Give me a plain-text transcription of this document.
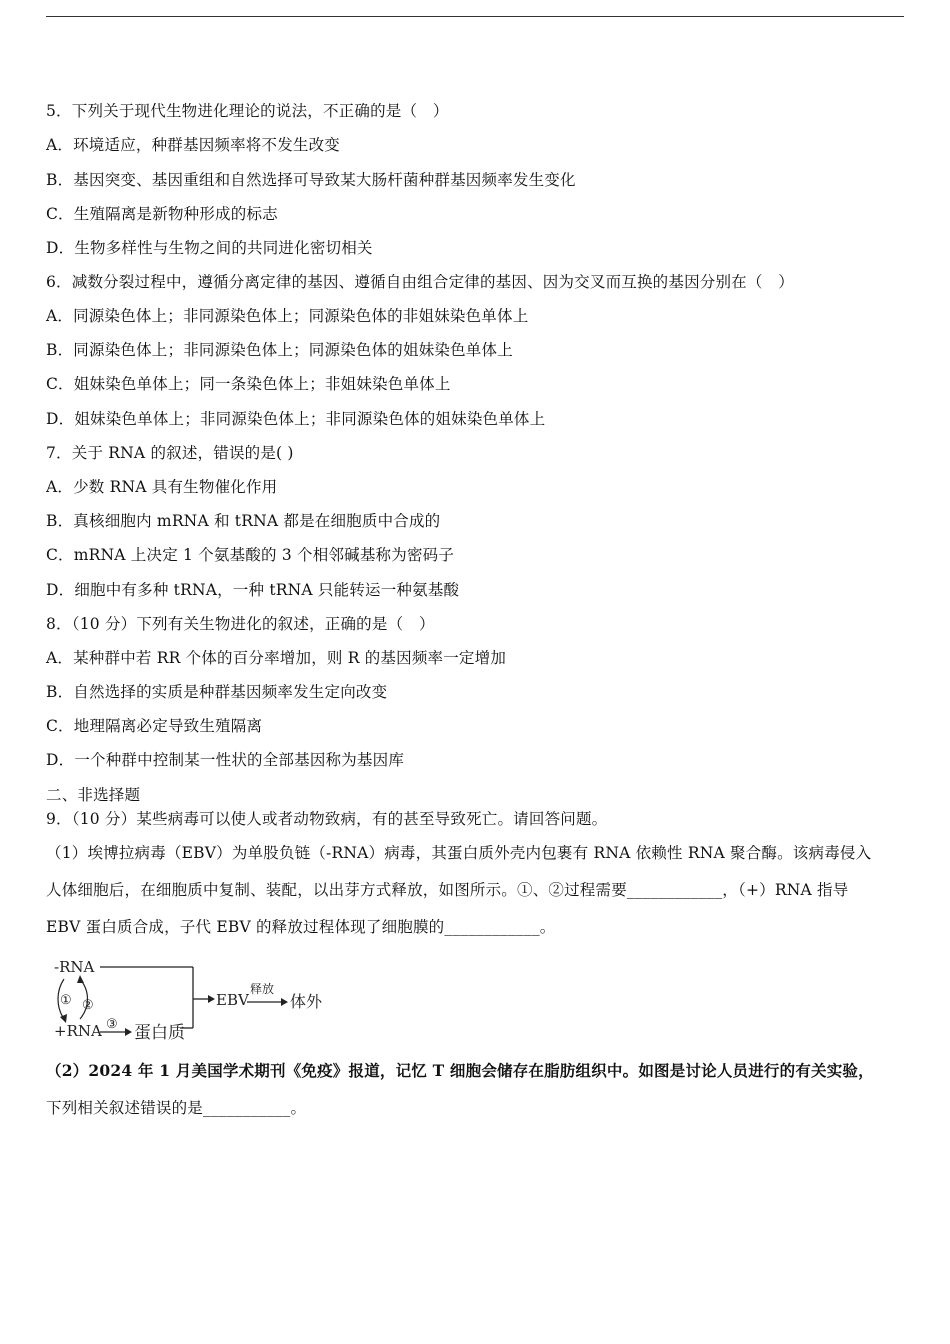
5．下列关于现代生物进化理论的说法，不正确的是（　）
A．环境适应，种群基因频率将不发生改变
B．基因突变、基因重组和自然选择可导致某大肠杆菌种群基因频率发生变化
C．生殖隔离是新物种形成的标志
D．生物多样性与生物之间的共同进化密切相关
6．减数分裂过程中，遵循分离定律的基因、遵循自由组合定律的基因、因为交叉而互换的基因分别在（　）
A．同源染色体上；非同源染色体上；同源染色体的非姐妹染色单体上
B．同源染色体上；非同源染色体上；同源染色体的姐妹染色单体上
C．姐妹染色单体上；同一条染色体上；非姐妹染色单体上
D．姐妹染色单体上；非同源染色体上；非同源染色体的姐妹染色单体上
7．关于 RNA 的叙述，错误的是( )
A．少数 RNA 具有生物催化作用
B．真核细胞内 mRNA 和 tRNA 都是在细胞质中合成的
C．mRNA 上决定 1 个氨基酸的 3 个相邻碱基称为密码子
D．细胞中有多种 tRNA，一种 tRNA 只能转运一种氨基酸
8．（10 分）下列有关生物进化的叙述，正确的是（　）
A．某种群中若 RR 个体的百分率增加，则 R 的基因频率一定增加
B．自然选择的实质是种群基因频率发生定向改变
C．地理隔离必定导致生殖隔离
D．一个种群中控制某一性状的全部基因称为基因库
二、非选择题
9．（10 分）某些病毒可以使人或者动物致病，有的甚至导致死亡。请回答问题。
（1）埃博拉病毒（EBV）为单股负链（-RNA）病毒，其蛋白质外壳内包裹有 RNA 依赖性 RNA 聚合酶。该病毒侵入
人体细胞后，在细胞质中复制、装配，以出芽方式释放，如图所示。①、②过程需要____________，（+）RNA 指导
EBV 蛋白质合成，子代 EBV 的释放过程体现了细胞膜的____________。
-RNA
EBV
释放
体外
① ②
+RNA ③ 蛋白质
（2）2024 年 1 月美国学术期刊《免疫》报道，记忆 T 细胞会储存在脂肪组织中。如图是讨论人员进行的有关实验，
下列相关叙述错误的是___________。
